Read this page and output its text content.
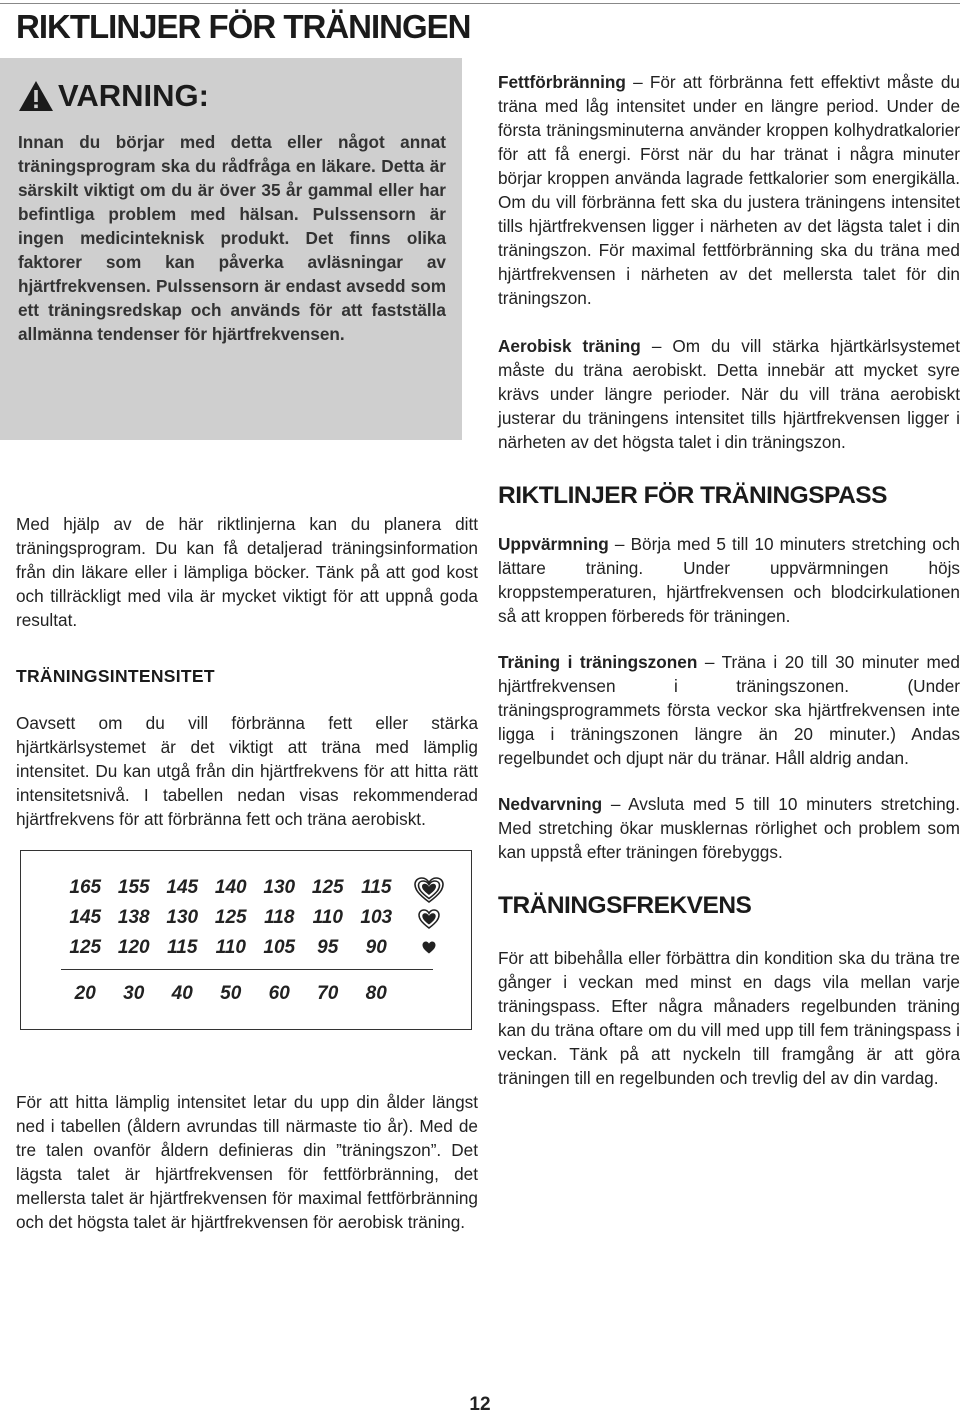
RIKTLINJER FÖR TRÄNINGEN
VARNING:

Innan du börjar med detta eller något annat träningsprogram ska du rådfråga en läkare. Detta är särskilt viktigt om du är över 35 år gammal eller har befintliga problem med hälsan. Pulssensorn är ingen medicinteknisk produkt. Det finns olika faktorer som kan påverka avläsningar av hjärtfrekvensen. Pulssensorn är endast avsedd som ett träningsredskap och används för att fastställa allmänna tendenser för hjärtfrekvensen.

Med hjälp av de här riktlinjerna kan du planera ditt träningsprogram. Du kan få detaljerad träningsinformation från din läkare eller i lämpliga böcker. Tänk på att god kost och tillräckligt med vila är mycket viktigt för att uppnå goda resultat.

TRÄNINGSINTENSITET

Oavsett om du vill förbränna fett eller stärka hjärtkärlsystemet är det viktigt att träna med lämplig intensitet. Du kan utgå från din hjärtfrekvens för att hitta rätt intensitetsnivå. I tabellen nedan visas rekommenderad hjärtfrekvens för att förbränna fett och träna aerobiskt.

165 155 145 140 130 125 115
145 138 130 125 118 110 103
125 120 115 110 105	95	90
20	30	40	50	60	70	80

För att hitta lämplig intensitet letar du upp din ålder längst ned i tabellen (åldern avrundas till närmaste tio år). Med de tre talen ovanför åldern definieras din ”träningszon”. Det lägsta talet är hjärtfrekvensen för fettförbränning, det mellersta talet är hjärtfrekvensen för maximal fettförbränning och det högsta talet är hjärtfrekvensen för aerobisk träning.

Fettförbränning – För att förbränna fett effektivt måste du träna med låg intensitet under en längre period. Under de första träningsminuterna använder kroppen kolhydratkalorier för att få energi. Först när du har tränat i några minuter börjar kroppen använda lagrade fettkalorier som energikälla. Om du vill förbränna fett ska du justera träningens intensitet tills hjärtfrekvensen ligger i närheten av det lägsta talet i din träningszon. För maximal fettförbränning ska du träna med hjärtfrekvensen i närheten av det mellersta talet för din träningszon.

Aerobisk träning – Om du vill stärka hjärtkärlsystemet måste du träna aerobiskt. Detta innebär att mycket syre krävs under längre perioder. När du vill träna aerobiskt justerar du träningens intensitet tills hjärtfrekvensen ligger i närheten av det högsta talet i din träningszon.

RIKTLINJER FÖR TRÄNINGSPASS

Uppvärmning – Börja med 5 till 10 minuters stretching och lättare träning. Under uppvärmningen höjs kroppstemperaturen, hjärtfrekvensen och blodcirkulationen så att kroppen förbereds för träningen.

Träning i träningszonen – Träna i 20 till 30 minuter med hjärtfrekvensen i träningszonen. (Under träningsprogrammets första veckor ska hjärtfrekvensen inte ligga i träningszonen längre än 20 minuter.) Andas regelbundet och djupt när du tränar. Håll aldrig andan.

Nedvarvning – Avsluta med 5 till 10 minuters stretching. Med stretching ökar musklernas rörlighet och problem som kan uppstå efter träningen förebyggs.

TRÄNINGSFREKVENS

För att bibehålla eller förbättra din kondition ska du träna tre gånger i veckan med minst en dags vila mellan varje träningspass. Efter några månaders regelbunden träning kan du träna oftare om du vill med upp till fem träningspass i veckan. Tänk på att nyckeln till framgång är att göra träningen till en regelbunden och trevlig del av din vardag.

12
